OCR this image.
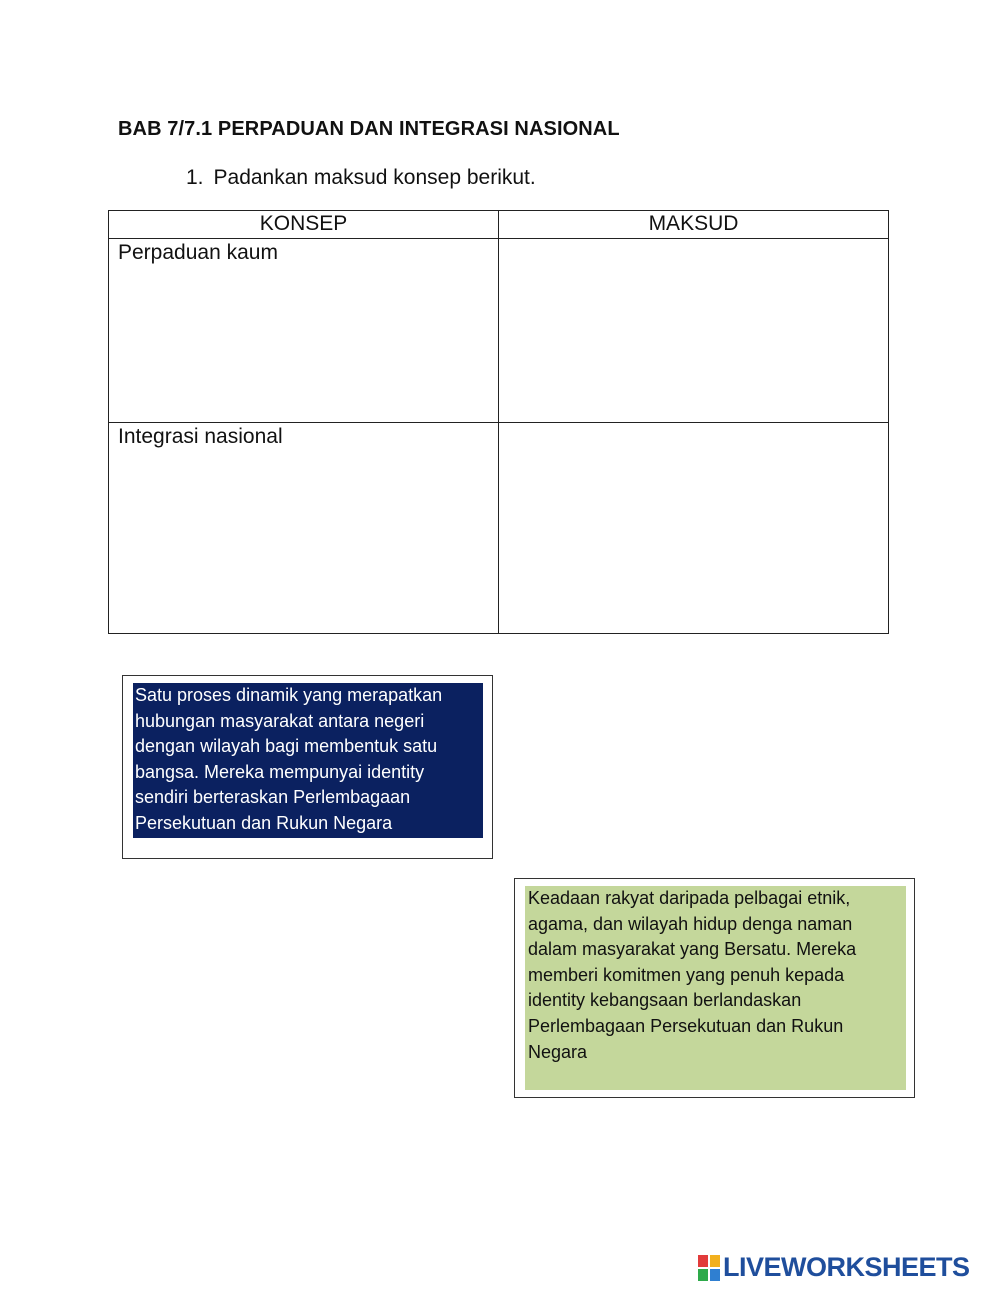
BAB 7/7.1 PERPADUAN DAN INTEGRASI NASIONAL
1. Padankan maksud konsep berikut.
KONSEP	MAKSUD
Perpaduan kaum	
Integrasi nasional	
Satu proses dinamik yang merapatkan hubungan masyarakat antara negeri dengan wilayah bagi membentuk satu bangsa. Mereka mempunyai identity sendiri berteraskan Perlembagaan Persekutuan dan Rukun Negara
Keadaan rakyat daripada pelbagai etnik, agama, dan wilayah hidup denga naman dalam masyarakat yang Bersatu. Mereka memberi komitmen yang penuh kepada identity kebangsaan berlandaskan Perlembagaan Persekutuan dan Rukun Negara
LIVEWORKSHEETS
